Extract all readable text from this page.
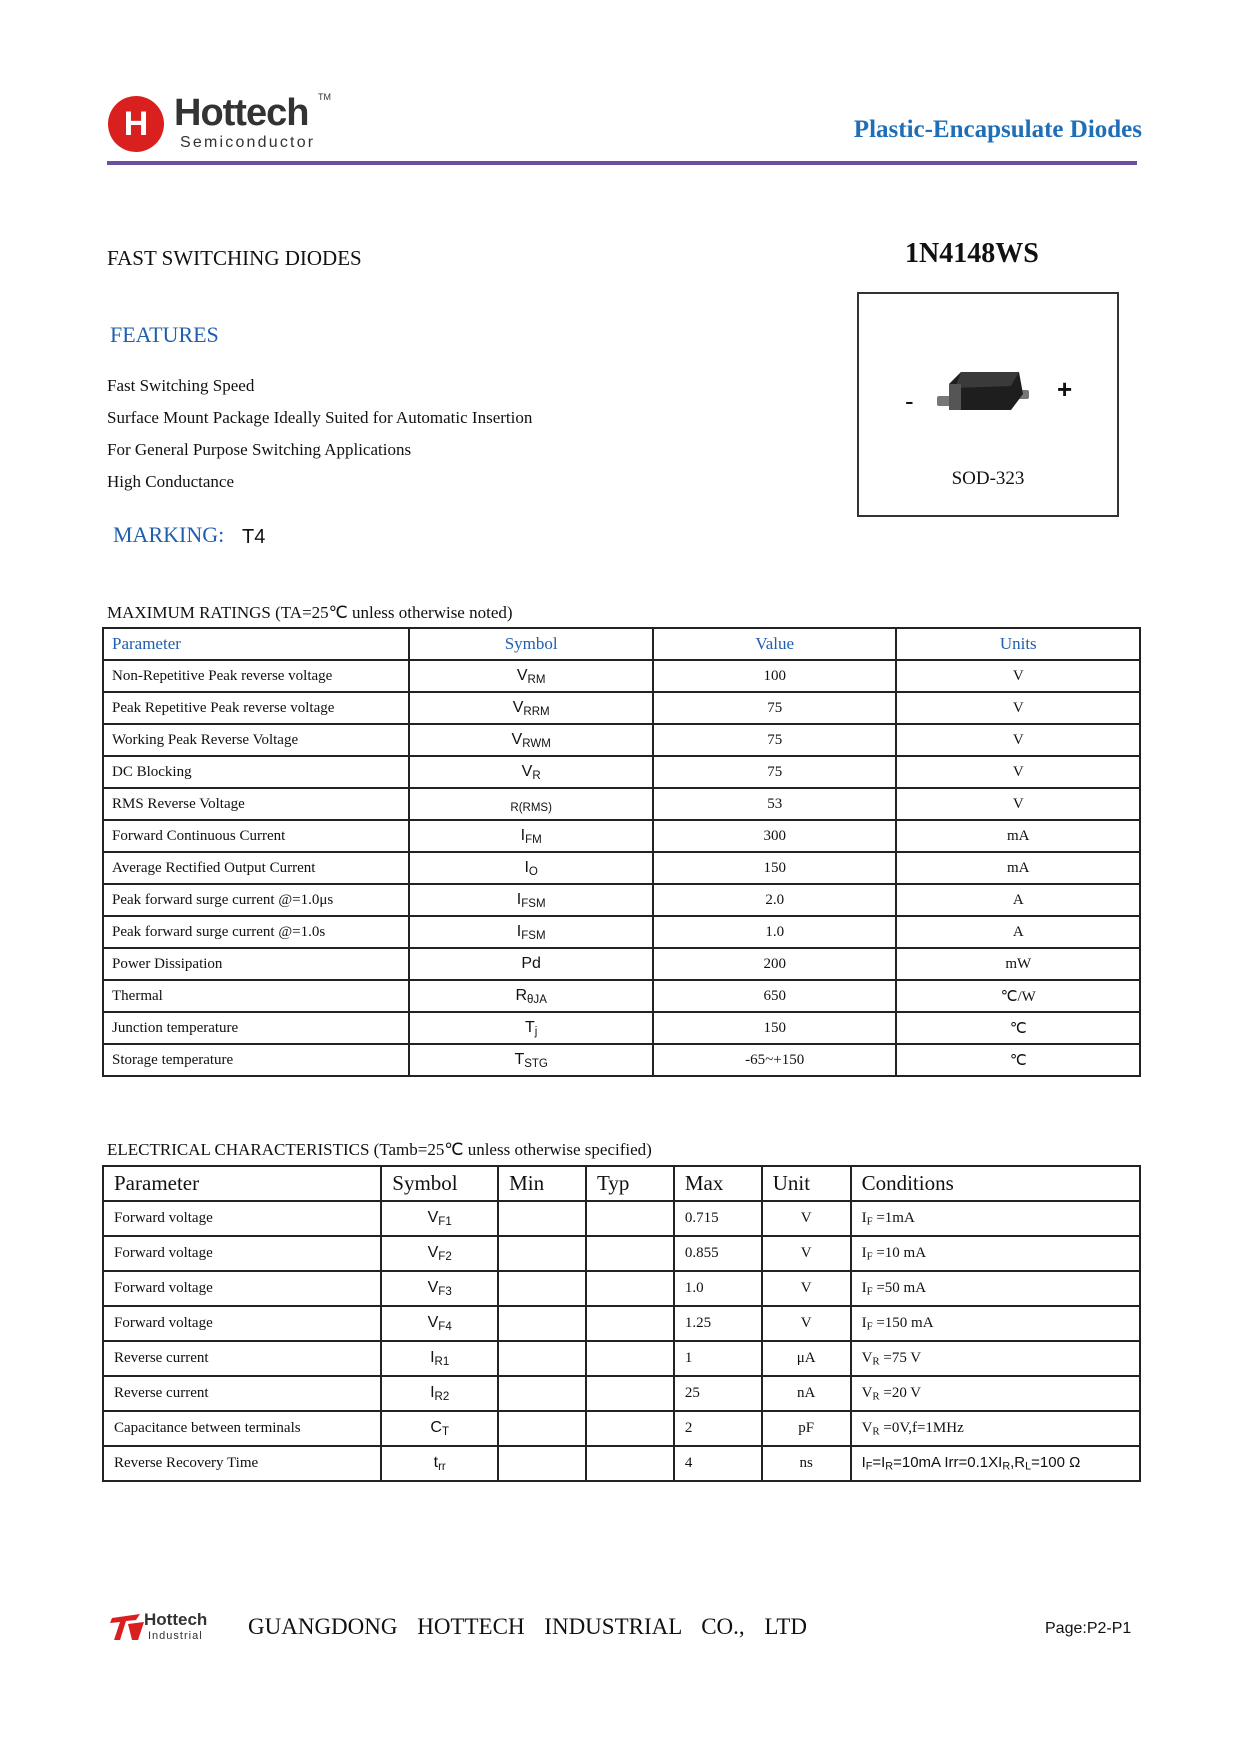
H Hottech TM
Semiconductor	Plastic-Encapsulate Diodes
FAST SWITCHING DIODES	1N4148WS
FEATURES
Fast Switching Speed
Surface Mount Package Ideally Suited for Automatic Insertion
For General Purpose Switching Applications
High Conductance
-	+
SOD-323
MARKING: T4
MAXIMUM RATINGS (TA=25℃ unless otherwise noted)
Parameter	Symbol	Value	Units
Non-Repetitive Peak reverse voltage	$V_{RM}$	100	V
Peak Repetitive Peak reverse voltage	$V_{RRM}$	75	V
Working Peak Reverse Voltage	$V_{RWM}$	75	V
DC Blocking	$V_R$	75	V
RMS Reverse Voltage	$_{R(RMS)}$	53	V
Forward Continuous Current	$I_{FM}$	300	mA
Average Rectified Output Current	$I_O$	150	mA
Peak forward surge current @=1.0μs	$I_{FSM}$	2.0	A
Peak forward surge current @=1.0s	$I_{FSM}$	1.0	A
Power Dissipation	Pd	200	mW
Thermal	$R_{\theta JA}$	650	℃/W
Junction temperature	$T_j$	150	℃
Storage temperature	$T_{STG}$	-65~+150	℃
ELECTRICAL CHARACTERISTICS (Tamb=25℃ unless otherwise specified)
Parameter	Symbol	Min	Typ	Max	Unit	Conditions
Forward voltage	$V_{F1}$			0.715	V	$I_F =1mA$
Forward voltage	$V_{F2}$			0.855	V	$I_F =10$ mA
Forward voltage	$V_{F3}$			1.0	V	$I_F =50$ mA
Forward voltage	$V_{F4}$			1.25	V	$I_F =150$ mA
Reverse current	$I_{R1}$			1	μA	$V_R =75$ V
Reverse current	$I_{R2}$			25	nA	$V_R =20$ V
Capacitance between terminals	$C_T$			2	pF	$V_R =0V,f=1MHz$
Reverse Recovery Time	$t_{rr}$			4	ns	$I_F=I_R=10mA$ $Irr=0.1XI_R,R_L=100$ Ω
Hottech
Industrial GUANGDONG HOTTECH INDUSTRIAL CO., LTD	Page:P2-P1
